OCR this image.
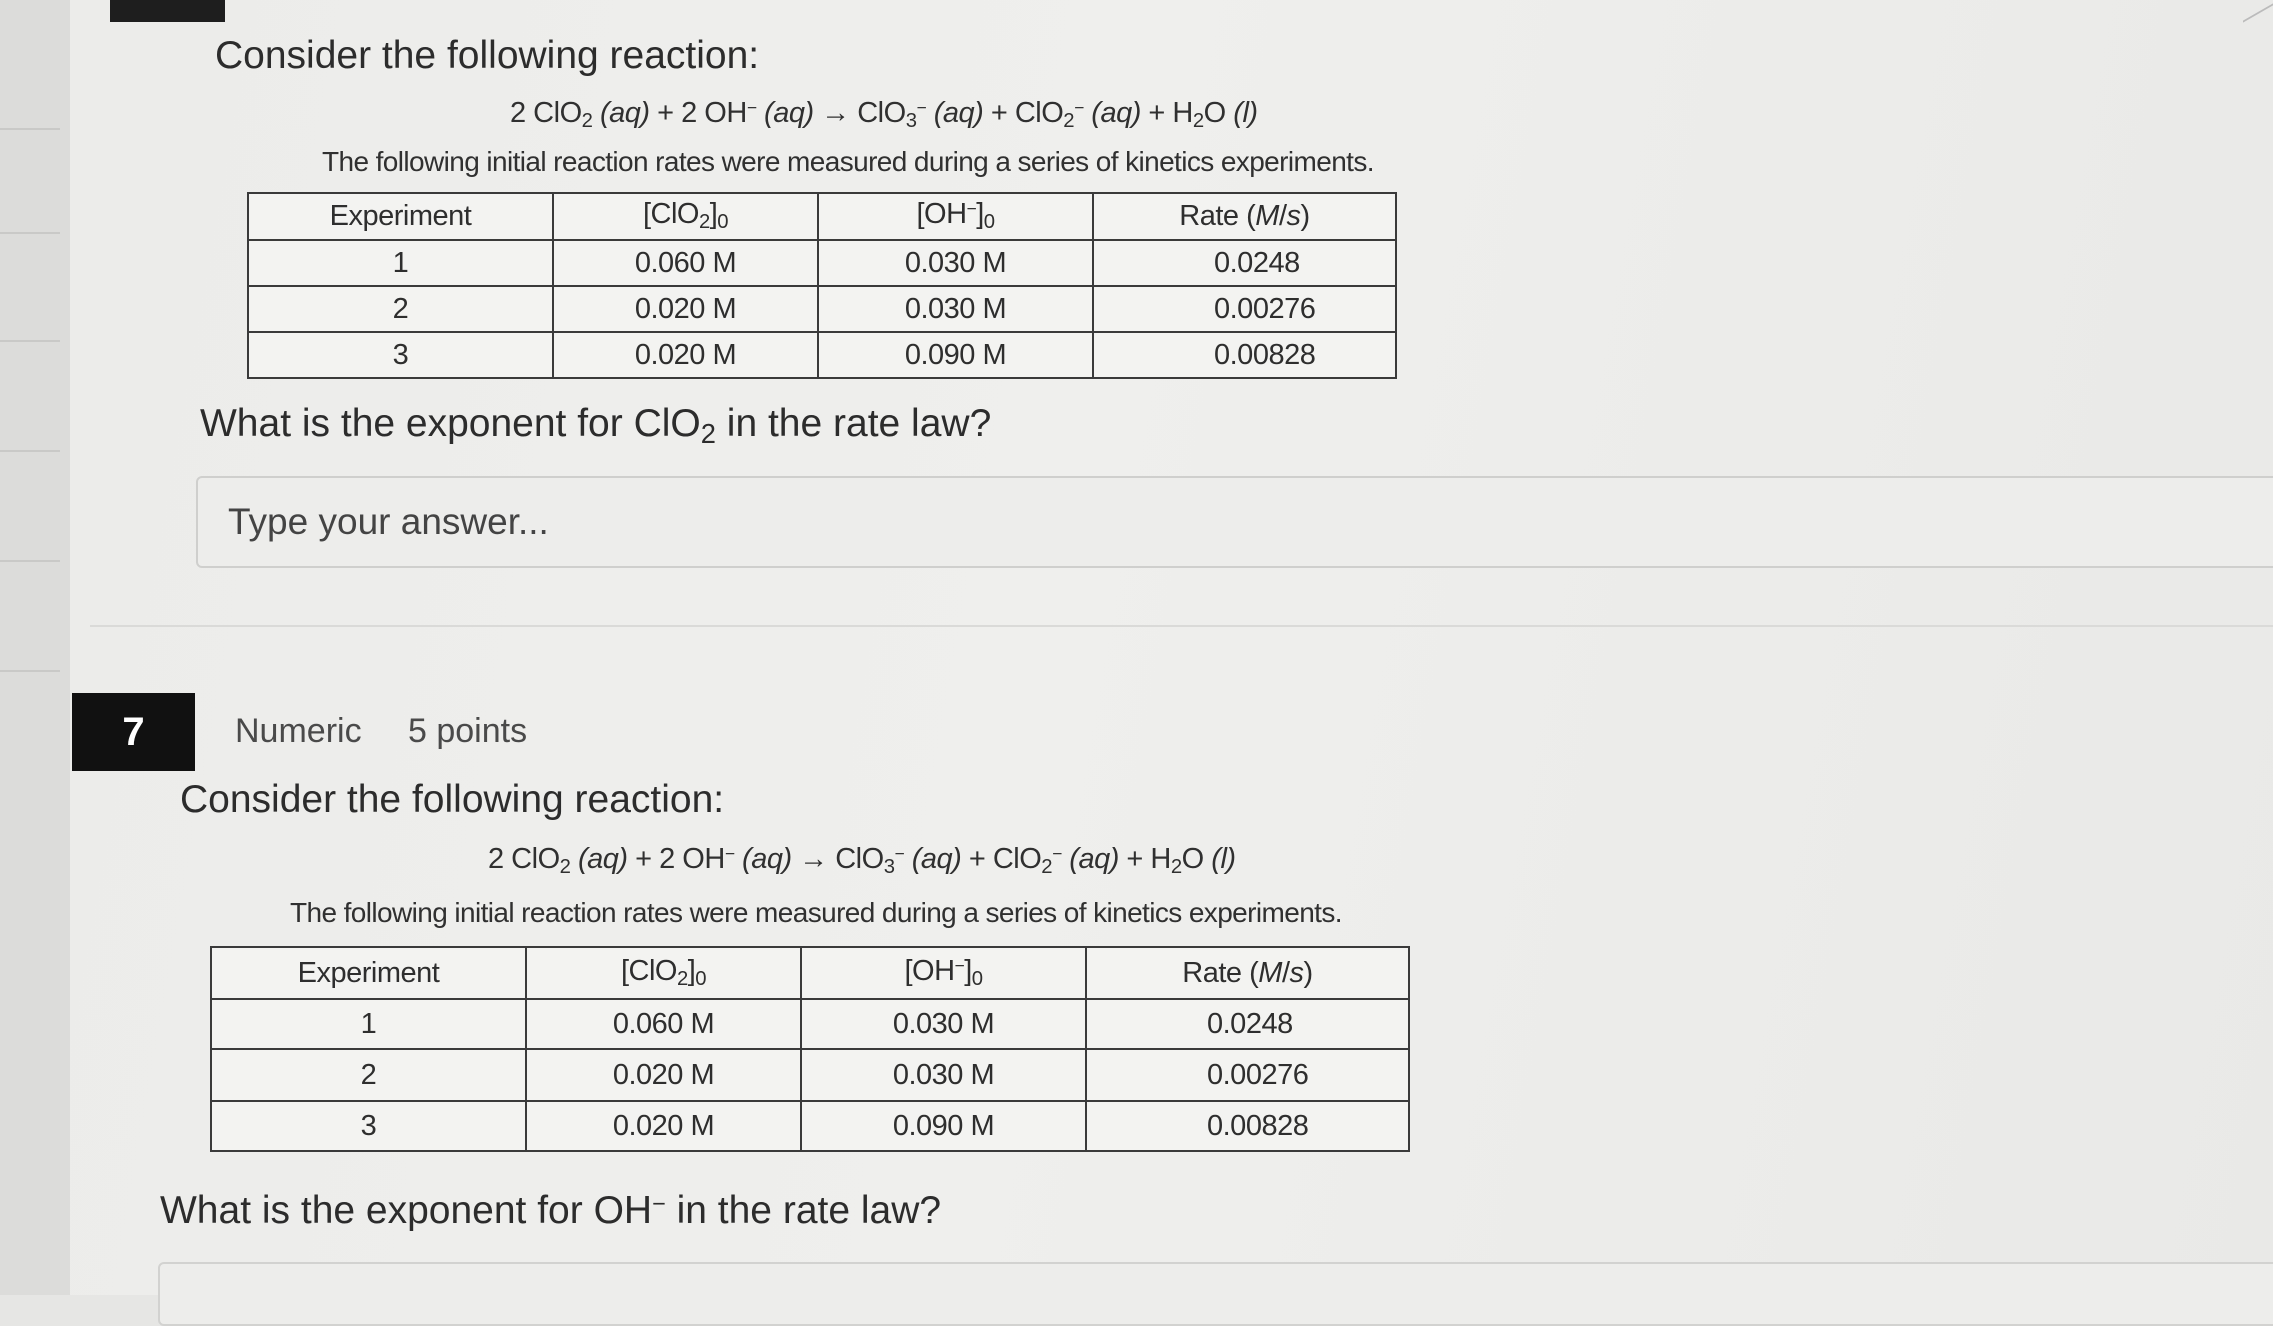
Consider the following reaction:
2 ClO$_2$ (aq) + 2 OH− (aq) → ClO$_3$− (aq) + ClO$_2$− $(aq) + H_2O$ (l)
The following initial reaction rates were measured during a series of kinetics experiments.
Experiment	$[ClO_2]_0$	$[OH^-]_0$	Rate (M/s)
1	0.060 M	0.030 M	0.0248
2	0.020 M	0.030 M	0.00276
3	0.020 M	0.090 M	0.00828
What is the exponent for ClO$_2$ in the rate law?
Type your answer...
7	Numeric 5 points
Consider the following reaction:
2 ClO$_2$ (aq) + 2 OH− (aq) → ClO$_3$− (aq) + ClO$_2$− $(aq) + H_2O$ (l)
The following initial reaction rates were measured during a series of kinetics experiments.
Experiment	$[ClO_2]_0$	$[OH^-]_0$	Rate (M/s)
1	0.060 M	0.030 M	0.0248
2	0.020 M	0.030 M	0.00276
3	0.020 M	0.090 M	0.00828
What is the exponent for OH− in the rate law?
